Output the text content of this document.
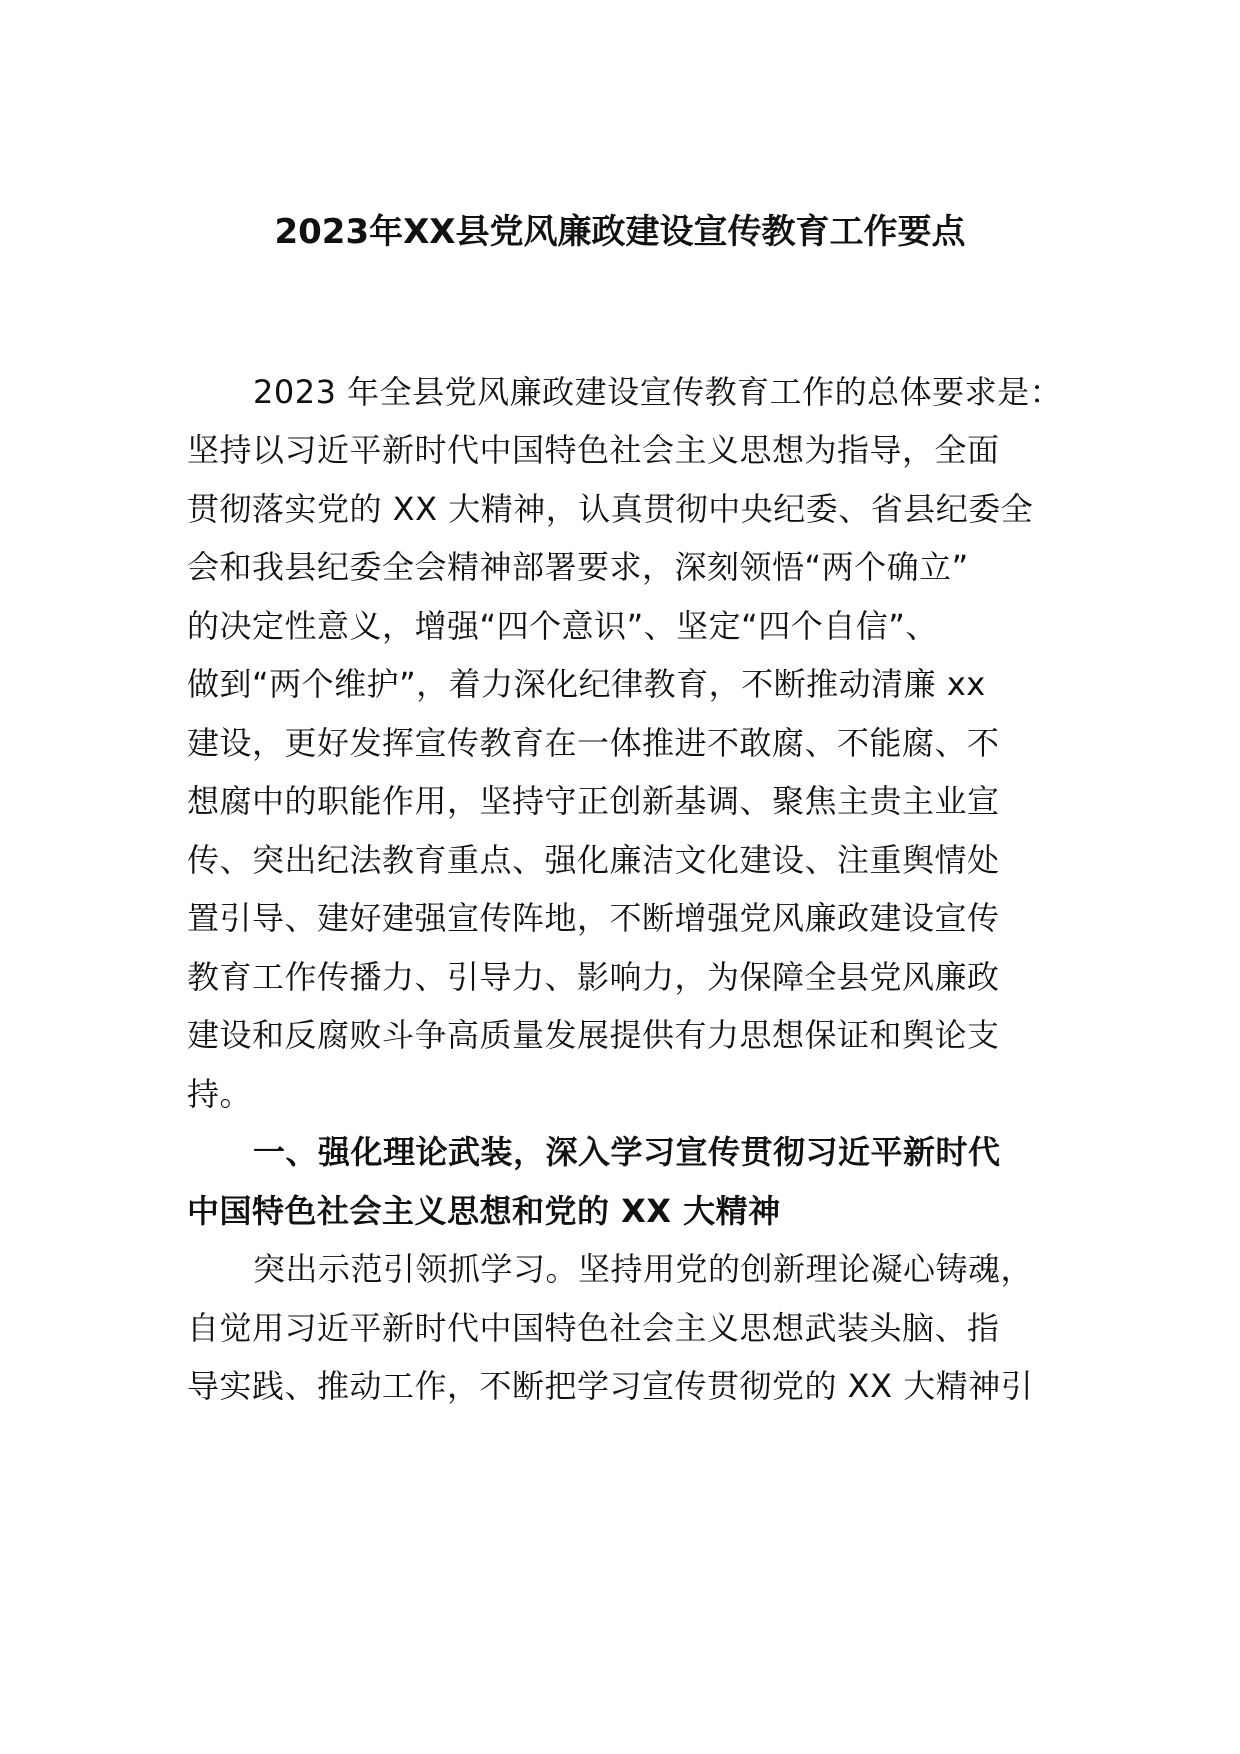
2023年XX县党风廉政建设宣传教育工作要点

2023 年全县党风廉政建设宣传教育工作的总体要求是：

坚持以习近平新时代中国特色社会主义思想为指导，全面

贯彻落实党的 XX 大精神，认真贯彻中央纪委、省县纪委全

会和我县纪委全会精神部署要求，深刻领悟“两个确立”

的决定性意义，增强“四个意识”、坚定“四个自信”、

做到“两个维护”，着力深化纪律教育，不断推动清廉 xx

建设，更好发挥宣传教育在一体推进不敢腐、不能腐、不

想腐中的职能作用，坚持守正创新基调、聚焦主贵主业宣

传、突出纪法教育重点、强化廉洁文化建设、注重舆情处

置引导、建好建强宣传阵地，不断增强党风廉政建设宣传

教育工作传播力、引导力、影响力，为保障全县党风廉政

建设和反腐败斗争高质量发展提供有力思想保证和舆论支

持。

一、强化理论武装，深入学习宣传贯彻习近平新时代

中国特色社会主义思想和党的 XX 大精神

突出示范引领抓学习。坚持用党的创新理论凝心铸魂，

自觉用习近平新时代中国特色社会主义思想武装头脑、指

导实践、推动工作，不断把学习宣传贯彻党的 XX 大精神引
